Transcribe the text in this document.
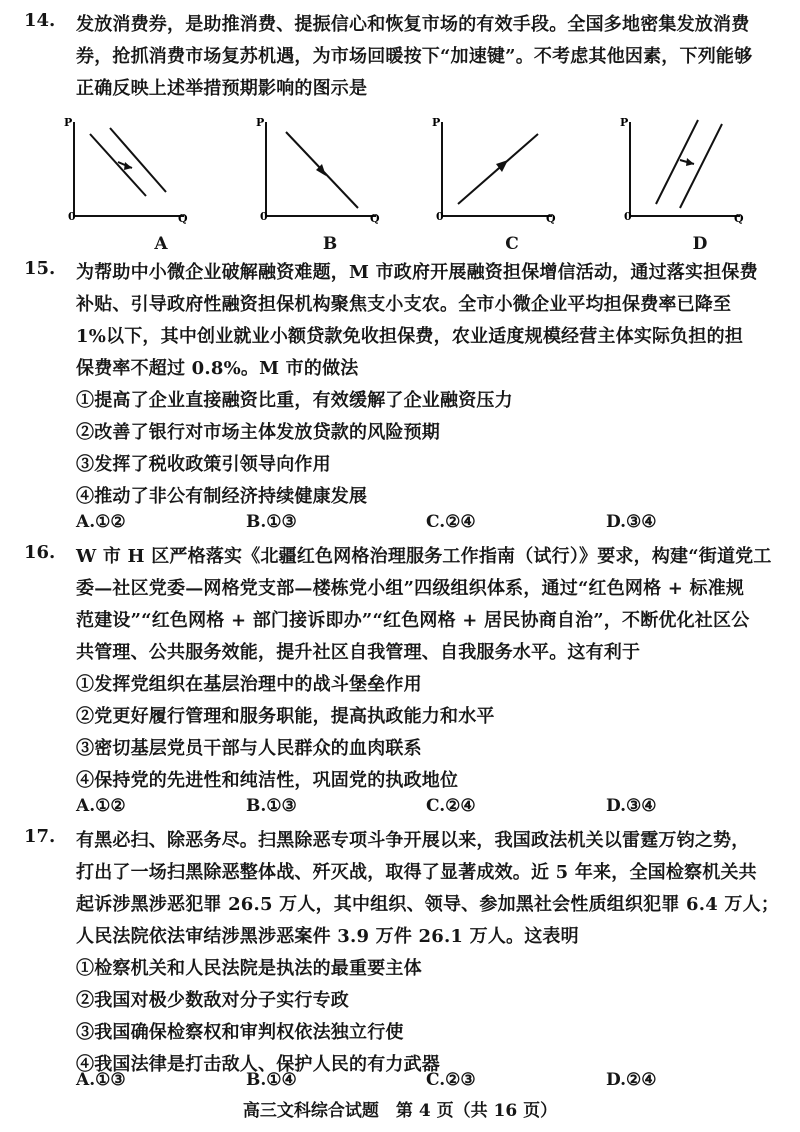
14. 发放消费券，是助推消费、提振信心和恢复市场的有效手段。全国多地密集发放消费
券，抢抓消费市场复苏机遇，为市场回暖按下“加速键”。不考虑其他因素，下列能够
正确反映上述举措预期影响的图示是
P
0	Q
P
0	Q
P
0	Q
P
0	Q
A	B	C	D
15. 为帮助中小微企业破解融资难题，M 市政府开展融资担保增信活动，通过落实担保费
补贴、引导政府性融资担保机构聚焦支小支农。全市小微企业平均担保费率已降至
1%以下，其中创业就业小额贷款免收担保费，农业适度规模经营主体实际负担的担
保费率不超过 0.8%。M 市的做法
①提高了企业直接融资比重，有效缓解了企业融资压力
②改善了银行对市场主体发放贷款的风险预期
③发挥了税收政策引领导向作用
④推动了非公有制经济持续健康发展
A.①②	B.①③	C.②④	D.③④
16. W 市 H 区严格落实《北疆红色网格治理服务工作指南（试行）》要求，构建“街道党工
委—社区党委—网格党支部—楼栋党小组”四级组织体系，通过“红色网格 + 标准规
范建设”“红色网格 + 部门接诉即办”“红色网格 + 居民协商自治”，不断优化社区公
共管理、公共服务效能，提升社区自我管理、自我服务水平。这有利于
①发挥党组织在基层治理中的战斗堡垒作用
②党更好履行管理和服务职能，提高执政能力和水平
③密切基层党员干部与人民群众的血肉联系
④保持党的先进性和纯洁性，巩固党的执政地位
A.①②	B.①③	C.②④	D.③④
17. 有黑必扫、除恶务尽。扫黑除恶专项斗争开展以来，我国政法机关以雷霆万钧之势，
打出了一场扫黑除恶整体战、歼灭战，取得了显著成效。近 5 年来，全国检察机关共
起诉涉黑涉恶犯罪 26.5 万人，其中组织、领导、参加黑社会性质组织犯罪 6.4 万人；
人民法院依法审结涉黑涉恶案件 3.9 万件 26.1 万人。这表明
①检察机关和人民法院是执法的最重要主体
②我国对极少数敌对分子实行专政
③我国确保检察权和审判权依法独立行使
④我国法律是打击敌人、保护人民的有力武器
A.①③	B.①④	C.②③	D.②④
高三文科综合试题　第 4 页（共 16 页）
